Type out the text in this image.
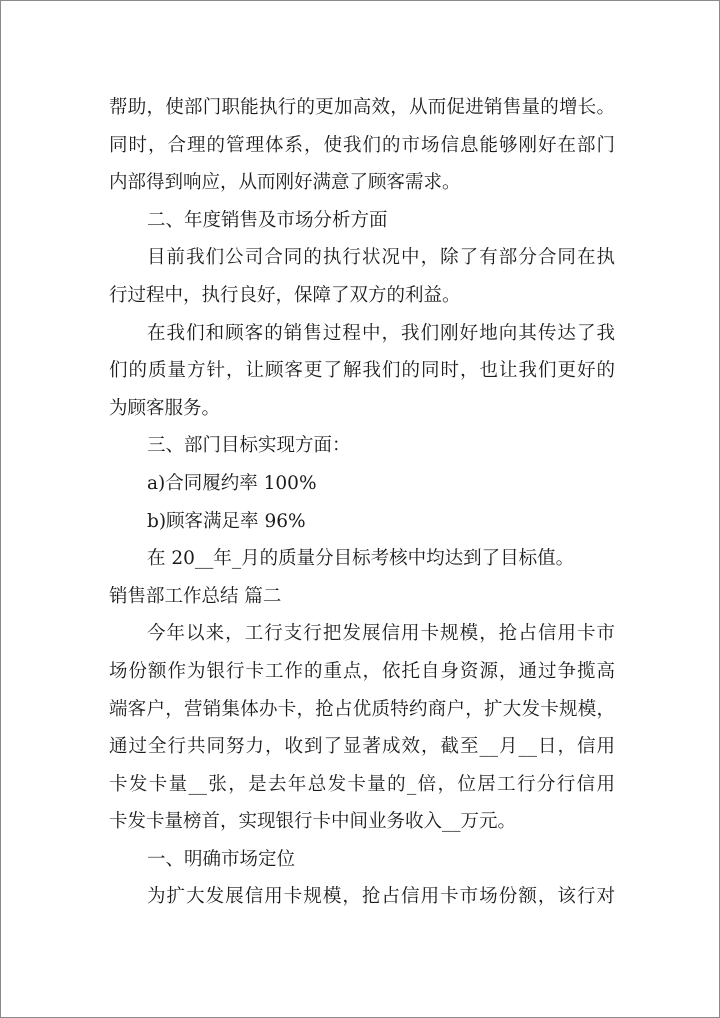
帮助，使部门职能执行的更加高效，从而促进销售量的增长。
同时，合理的管理体系，使我们的市场信息能够刚好在部门
内部得到响应，从而刚好满意了顾客需求。
二、年度销售及市场分析方面
目前我们公司合同的执行状况中，除了有部分合同在执
行过程中，执行良好，保障了双方的利益。
在我们和顾客的销售过程中，我们刚好地向其传达了我
们的质量方针，让顾客更了解我们的同时，也让我们更好的
为顾客服务。
三、部门目标实现方面：
a)合同履约率 100%
b)顾客满足率 96%
在 20__年_月的质量分目标考核中均达到了目标值。
销售部工作总结 篇二
今年以来，工行支行把发展信用卡规模，抢占信用卡市
场份额作为银行卡工作的重点，依托自身资源，通过争揽高
端客户，营销集体办卡，抢占优质特约商户，扩大发卡规模，
通过全行共同努力，收到了显著成效，截至__月__日，信用
卡发卡量__张，是去年总发卡量的_倍，位居工行分行信用
卡发卡量榜首，实现银行卡中间业务收入__万元。
一、明确市场定位
为扩大发展信用卡规模，抢占信用卡市场份额，该行对
